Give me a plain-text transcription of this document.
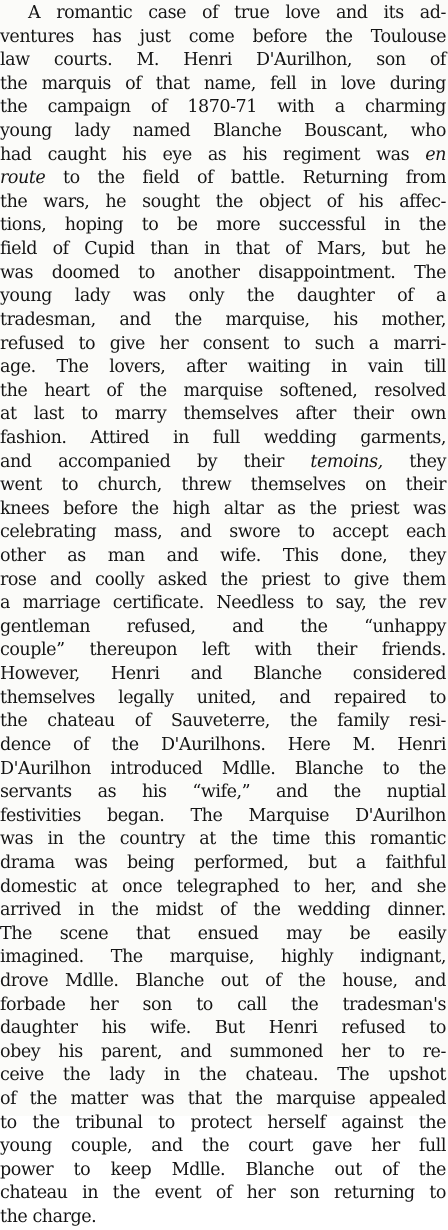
A romantic case of true love and its ad-
ventures has just come before the Toulouse
law courts. M. Henri D'Aurilhon, son of
the marquis of that name, fell in love during
the campaign of 1870-71 with a charming
young lady named Blanche Bouscant, who
had caught his eye as his regiment was en
route to the field of battle. Returning from
the wars, he sought the object of his affec-
tions, hoping to be more successful in the
field of Cupid than in that of Mars, but he
was doomed to another disappointment. The
young lady was only the daughter of a
tradesman, and the marquise, his mother,
refused to give her consent to such a marri-
age. The lovers, after waiting in vain till
the heart of the marquise softened, resolved
at last to marry themselves after their own
fashion. Attired in full wedding garments,
and accompanied by their temoins, they
went to church, threw themselves on their
knees before the high altar as the priest was
celebrating mass, and swore to accept each
other as man and wife. This done, they
rose and coolly asked the priest to give them
a marriage certificate. Needless to say, the rev
gentleman refused, and the “unhappy
couple” thereupon left with their friends.
However, Henri and Blanche considered
themselves legally united, and repaired to
the chateau of Sauveterre, the family resi-
dence of the D'Aurilhons. Here M. Henri
D'Aurilhon introduced Mdlle. Blanche to the
servants as his “wife,” and the nuptial
festivities began. The Marquise D'Aurilhon
was in the country at the time this romantic
drama was being performed, but a faithful
domestic at once telegraphed to her, and she
arrived in the midst of the wedding dinner.
The scene that ensued may be easily
imagined. The marquise, highly indignant,
drove Mdlle. Blanche out of the house, and
forbade her son to call the tradesman's
daughter his wife. But Henri refused to
obey his parent, and summoned her to re-
ceive the lady in the chateau. The upshot
of the matter was that the marquise appealed
to the tribunal to protect herself against the
young couple, and the court gave her full
power to keep Mdlle. Blanche out of the
chateau in the event of her son returning to
the charge.
